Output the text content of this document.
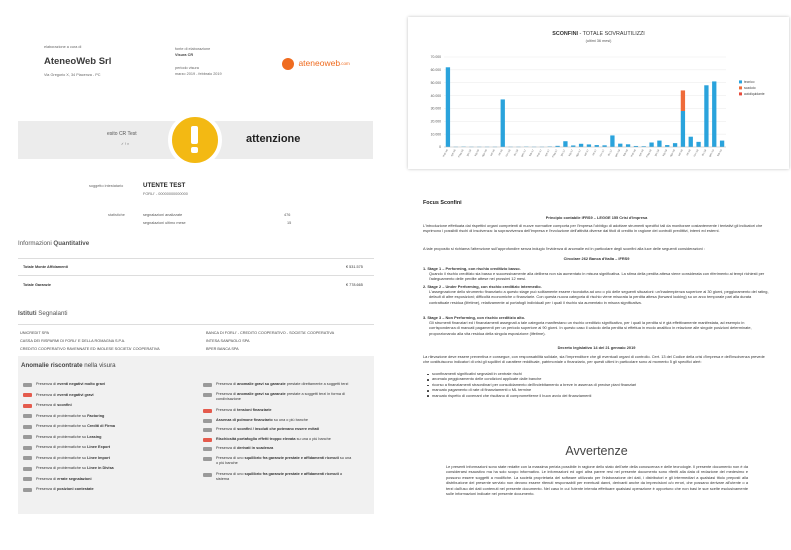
elaborazione a cura di
AteneoWeb Srl
Via Gregorio X, 34 Piacenza - PC
fonte di elaborazione
Visura CR
periodo visura
marzo 2019 - febbraio 2019
ateneoweb.com
esito CR Test
✓ ! ×	attenzione
soggetto intestatario	UTENTE TEST
FORLI' - 00000000000000
statistiche	segnalazioni analizzate	476
segnalazioni ultimo mese	15
Informazioni Quantitative
Totale Monte Affidamenti	€ 531.575
Totale Garanzie	€ 778.665
Istituti Segnalanti
UNICREDIT SPA	BANCA DI FORLI' - CREDITO COOPERATIVO - SOCIETA' COOPERATIVA
CASSA DEI RISPARMI DI FORLI' E DELLA ROMAGNA S.P.A.	INTESA SANPAOLO SPA
CREDITO COOPERATIVO RAVENNATE ED IMOLESE SOCIETA' COOPERATIVA	BPER BANCA SPA
Anomalie riscontrate nella visura
Presenza di eventi negativi molto gravi
Presenza di eventi negativi gravi
Presenza di sconfini
Presenza di problematiche su Factoring
Presenza di problematiche su Crediti di Firma
Presenza di problematiche su Leasing
Presenza di problematiche su Linee Export
Presenza di problematiche su Linee Import
Presenza di problematiche su Linee in Divisa
Presenza di errate segnalazioni
Presenza di posizioni contestate
Presenza di anomalie gravi su garanzie prestate direttamente a soggetti terzi
Presenza di anomalie gravi su garanzie prestate a soggetti terzi in forma di
condivisazione
Presenza di tensioni finanziarie
Assenza di polmone finanziario su una o più banche
Presenza di sconfini / insoluti che potevano essere evitati
Rischiosità portafoglio effetti troppo elevata su una o più banche
Presenza di derivati in scadenza
Presenza di uno squilibrio fra garanzie prestate e affidamenti ricevuti su una
o più banche
Presenza di uno squilibrio fra garanzie prestate e affidamenti ricevuti a
sistema
SCONFINI - TOTALE SOVRAUTILIZZI
(ultimi 36 mesi)
70.000
60.000
50.000
40.000
30.000
20.000
10.000
0
mar-16 apr-16 mag-16 giu-16 lug-16 ago-16 set-16 ott-16 nov-16 dic-16 gen-17 feb-17 mar-17 apr-17 mag-17 giu-17 lug-17 ago-17 set-17 ott-17 nov-17 dic-17 gen-18 feb-18 mar-18 apr-18 mag-18 giu-18 lug-18 ago-18 set-18 ott-18 nov-18 dic-18 gen-19 feb-19
tecnico
scaduto
autoliquidante
Focus Sconfini
Principio contabile IFRS9 – LEGGE 155 Crisi d'Impresa
L'introduzione effettuata dai rispettivi organi competenti di nuove normative comporta per l'impresa l'obbligo di adottare strumenti specifici tali da monitorare costantemente i tentativi gli indicatori che esprimono i possibili rischi di insolvenza: la sopravvivenza dell'impresa e l'evoluzione dell'attività diverse dai titoli di credito in ragione dei controlli predittivi, interni ed esterni.
A tale proposito si richiama l'attenzione sull'approfondire senza indugio l'evidenza di anomalie ed in particolare degli sconfini alla luce delle seguenti considerazioni :
Circolare 262 Banca d'Italia – IFRS9
1. Stage 1 – Performing, con rischio creditizio basso.
Quando il rischio creditizio sia basso e successivamente alla delibera non sia aumentato in misura significativa. La stima della perdita attesa viene considerata con riferimento ai tempi richiesti per l'adeguamento delle perdite attese nei prossimi 12 mesi.
2. Stage 2 – Under Performing, con rischio creditizio intermedio.
L'assegnazione dello strumento finanziario a questo stage può solitamente essere ricondotta ad uno o più delle seguenti situazioni: un'inadempienza superiore ai 30 giorni, peggioramento del rating, default di altre esposizioni; difficoltà economiche o finanziarie. Con questa nuova categoria di rischio viene misurata la perdita attesa (forward looking) su un arco temporale pari alla durata contrattuale residua (lifetime), relativamente ai portafogli individuali per i quali il rischio sia aumentato in misura significativa.
3. Stage 3 – Non Performing, con rischio creditizio alto.
Gli strumenti finanziari ed i finanziamenti assegnati a tale categoria manifestano un rischio creditizio significativo, per i quali la perdita si è già effettivamente manifestata, ad esempio in corrispondenza di mancati pagamenti per un periodo superiore ai 90 giorni. In questo caso il calcolo della perdita si effettua in modo analitico in relazione alle singole posizioni determinate, proporzionando alla vita residua della singola esposizione (lifetime).
Decreto legislativo 14 del 21 gennaio 2019
La rilevazione deve essere preventiva e consegue, con responsabilità solidale, sia l'imprenditore che gli eventuali organi di controllo. Cert. 13 del Codice della crisi d'impresa e dell'insolvenza prevede che costituiscono indicatori di crisi gli squilibri di carattere reddituale, patrimoniale o finanziario, per questi ultimi in particolare sono al momento 5 gli specifici alert:
sconfinamenti significativi segnalati in centrale rischi
anomalo peggioramento delle condizioni applicate dalle banche
ricorso a finanziamenti straordinari per consolidamento dell'indebitamento a breve in assenza di precise piani finanziari
mancato pagamento di rate di finanziamenti o ML termine
mancato rispetto di covenant che risultano di comprometterne il buon avvio dei finanziamenti
Avvertenze
Le presenti informazioni sono state redatte con la massima perizia possibile in ragione dello stato dell'arte della conoscenza e delle tecnologie. Il presente documento non è da considerarsi esaustivo ma ha solo scopo informativo. Le informazioni ed ogni altra parere resi nel presente documento sono riferiti alla data di redazione del medesimo e possono essere soggetti a modifiche. La società proprietaria del software utilizzato per l'elaborazione dei dati, i distributori e gli intermediari a qualsiasi titolo preposti alla distribuzione del presente servizio non devono essere ritenuti responsabili per eventuali danni, derivanti anche da imprecisioni o/o errori, che possano derivare all'utente o a terzi dall'uso dei dati contenuti nel presente documento. Nel caso in cui l'utente intenda effettuare qualsiasi operazione è opportuno che non basi le sue scelte esclusivamente sulle informazioni indicate nel presente documento.
